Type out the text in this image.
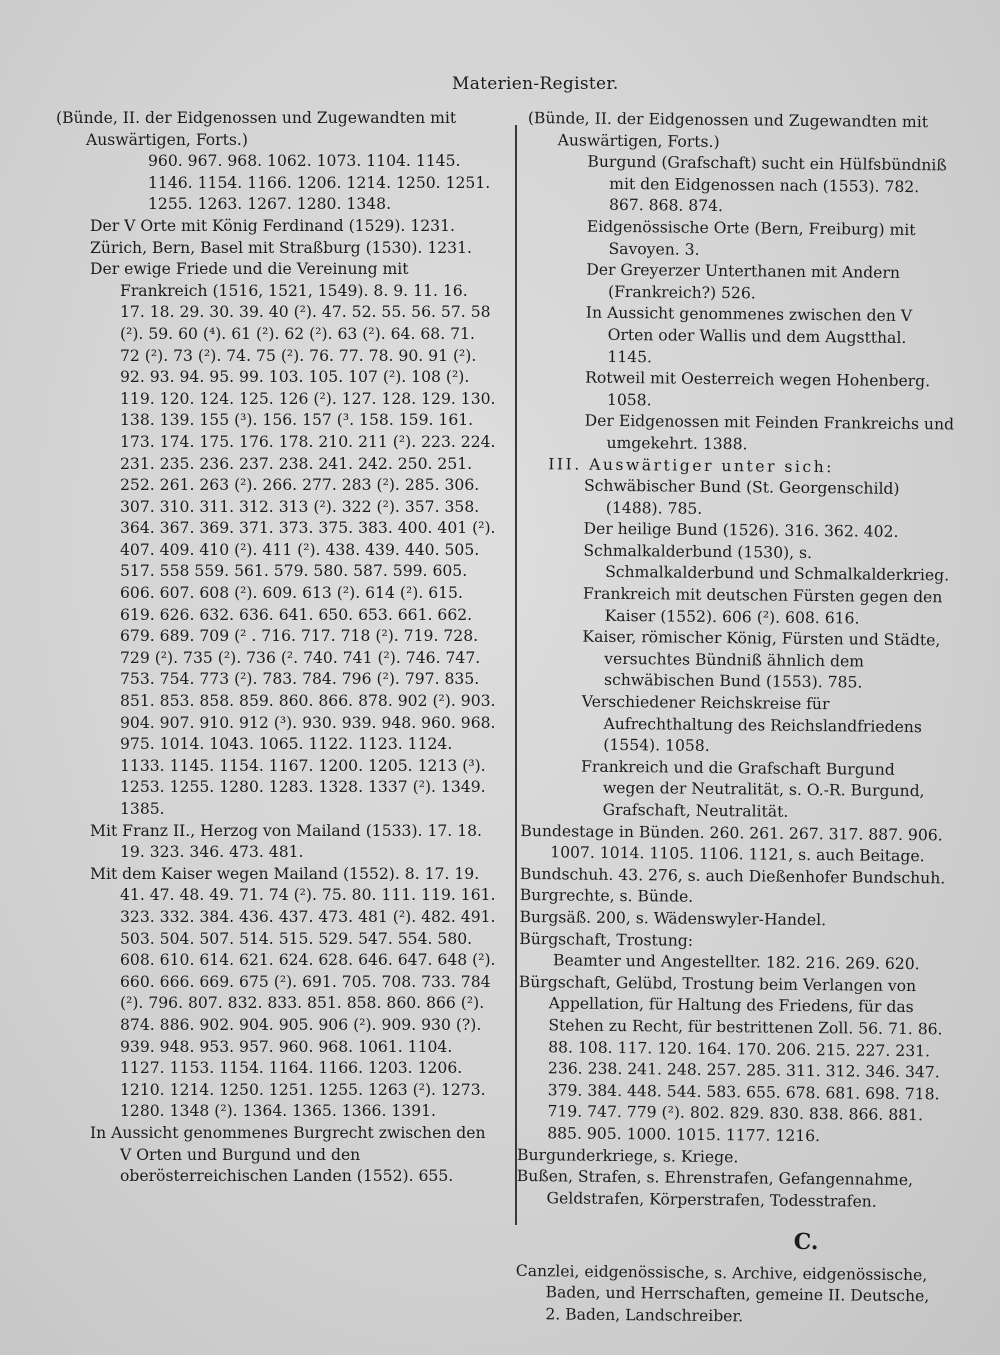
Materien-Register.

(Bünde, II. der Eidgenossen und Zugewandten mit Auswärtigen, Forts.)

960. 967. 968. 1062. 1073. 1104. 1145. 1146. 1154. 1166. 1206. 1214. 1250. 1251. 1255. 1263. 1267. 1280. 1348.

Der V Orte mit König Ferdinand (1529). 1231.

Zürich, Bern, Basel mit Straßburg (1530). 1231.

Der ewige Friede und die Vereinung mit Frankreich (1516, 1521, 1549). 8. 9. 11. 16. 17. 18. 29. 30. 39. 40 (²). 47. 52. 55. 56. 57. 58 (²). 59. 60 (⁴). 61 (²). 62 (²). 63 (²). 64. 68. 71. 72 (²). 73 (²). 74. 75 (²). 76. 77. 78. 90. 91 (²). 92. 93. 94. 95. 99. 103. 105. 107 (²). 108 (²). 119. 120. 124. 125. 126 (²). 127. 128. 129. 130. 138. 139. 155 (³). 156. 157 (³. 158. 159. 161. 173. 174. 175. 176. 178. 210. 211 (²). 223. 224. 231. 235. 236. 237. 238. 241. 242. 250. 251. 252. 261. 263 (²). 266. 277. 283 (²). 285. 306. 307. 310. 311. 312. 313 (²). 322 (²). 357. 358. 364. 367. 369. 371. 373. 375. 383. 400. 401 (²). 407. 409. 410 (²). 411 (²). 438. 439. 440. 505. 517. 558 559. 561. 579. 580. 587. 599. 605. 606. 607. 608 (²). 609. 613 (²). 614 (²). 615. 619. 626. 632. 636. 641. 650. 653. 661. 662. 679. 689. 709 (² . 716. 717. 718 (²). 719. 728. 729 (²). 735 (²). 736 (². 740. 741 (²). 746. 747. 753. 754. 773 (²). 783. 784. 796 (²). 797. 835. 851. 853. 858. 859. 860. 866. 878. 902 (²). 903. 904. 907. 910. 912 (³). 930. 939. 948. 960. 968. 975. 1014. 1043. 1065. 1122. 1123. 1124. 1133. 1145. 1154. 1167. 1200. 1205. 1213 (³). 1253. 1255. 1280. 1283. 1328. 1337 (²). 1349. 1385.

Mit Franz II., Herzog von Mailand (1533). 17. 18. 19. 323. 346. 473. 481.

Mit dem Kaiser wegen Mailand (1552). 8. 17. 19. 41. 47. 48. 49. 71. 74 (²). 75. 80. 111. 119. 161. 323. 332. 384. 436. 437. 473. 481 (²). 482. 491. 503. 504. 507. 514. 515. 529. 547. 554. 580. 608. 610. 614. 621. 624. 628. 646. 647. 648 (²). 660. 666. 669. 675 (²). 691. 705. 708. 733. 784 (²). 796. 807. 832. 833. 851. 858. 860. 866 (²). 874. 886. 902. 904. 905. 906 (²). 909. 930 (?). 939. 948. 953. 957. 960. 968. 1061. 1104. 1127. 1153. 1154. 1164. 1166. 1203. 1206. 1210. 1214. 1250. 1251. 1255. 1263 (²). 1273. 1280. 1348 (²). 1364. 1365. 1366. 1391.

In Aussicht genommenes Burgrecht zwischen den V Orten und Burgund und den oberösterreichischen Landen (1552). 655.

(Bünde, II. der Eidgenossen und Zugewandten mit Auswärtigen, Forts.)

Burgund (Grafschaft) sucht ein Hülfsbündniß mit den Eidgenossen nach (1553). 782. 867. 868. 874.

Eidgenössische Orte (Bern, Freiburg) mit Savoyen. 3.

Der Greyerzer Unterthanen mit Andern (Frankreich?) 526.

In Aussicht genommenes zwischen den V Orten oder Wallis und dem Augstthal. 1145.

Rotweil mit Oesterreich wegen Hohenberg. 1058.

Der Eidgenossen mit Feinden Frankreichs und umgekehrt. 1388.

III. Auswärtiger unter sich:

Schwäbischer Bund (St. Georgenschild) (1488). 785.

Der heilige Bund (1526). 316. 362. 402.

Schmalkalderbund (1530), s. Schmalkalderbund und Schmalkalderkrieg.

Frankreich mit deutschen Fürsten gegen den Kaiser (1552). 606 (²). 608. 616.

Kaiser, römischer König, Fürsten und Städte, versuchtes Bündniß ähnlich dem schwäbischen Bund (1553). 785.

Verschiedener Reichskreise für Aufrechthaltung des Reichslandfriedens (1554). 1058.

Frankreich und die Grafschaft Burgund wegen der Neutralität, s. O.-R. Burgund, Grafschaft, Neutralität.

Bundestage in Bünden. 260. 261. 267. 317. 887. 906. 1007. 1014. 1105. 1106. 1121, s. auch Beitage.

Bundschuh. 43. 276, s. auch Dießenhofer Bundschuh.

Burgrechte, s. Bünde.

Burgsäß. 200, s. Wädenswyler-Handel.

Bürgschaft, Trostung:

Beamter und Angestellter. 182. 216. 269. 620.

Bürgschaft, Gelübd, Trostung beim Verlangen von Appellation, für Haltung des Friedens, für das Stehen zu Recht, für bestrittenen Zoll. 56. 71. 86. 88. 108. 117. 120. 164. 170. 206. 215. 227. 231. 236. 238. 241. 248. 257. 285. 311. 312. 346. 347. 379. 384. 448. 544. 583. 655. 678. 681. 698. 718. 719. 747. 779 (²). 802. 829. 830. 838. 866. 881. 885. 905. 1000. 1015. 1177. 1216.

Burgunderkriege, s. Kriege.

Bußen, Strafen, s. Ehrenstrafen, Gefangennahme, Geldstrafen, Körperstrafen, Todesstrafen.

C.

Canzlei, eidgenössische, s. Archive, eidgenössische, Baden, und Herrschaften, gemeine II. Deutsche, 2. Baden, Landschreiber.
